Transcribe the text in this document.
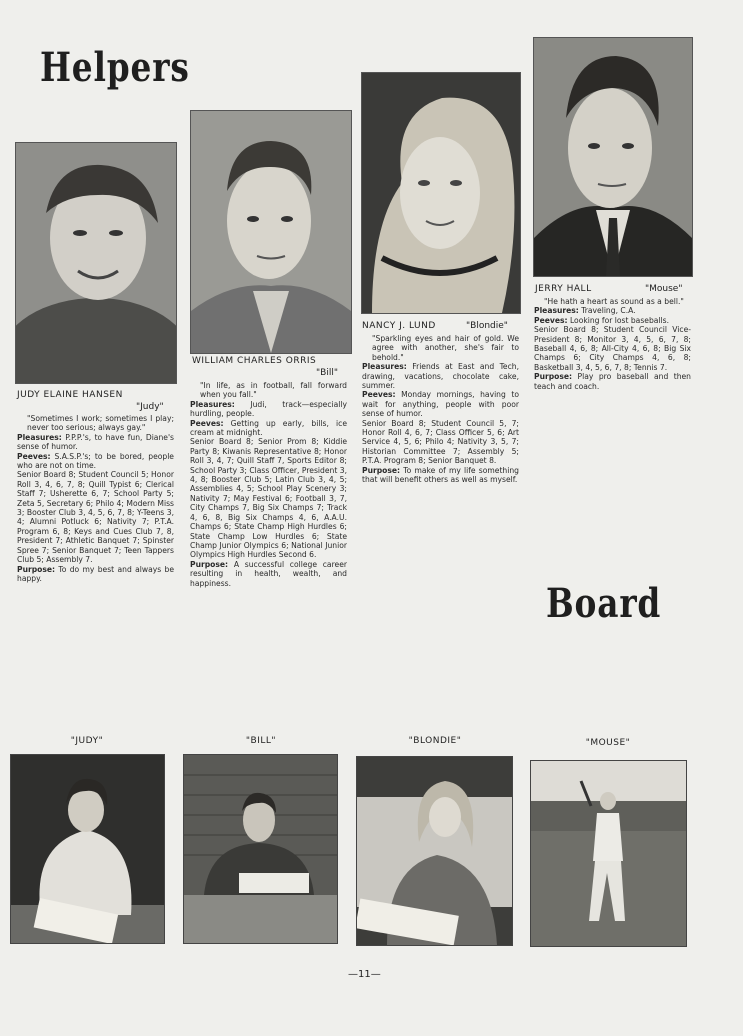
Helpers
Board
JUDY ELAINE HANSEN
"Judy"

"Sometimes I work; sometimes I play; never too serious; always gay."

Pleasures: P.P.P.'s, to have fun, Diane's sense of humor.

Peeves: S.A.S.P.'s; to be bored, people who are not on time.

Senior Board 8; Student Council 5; Honor Roll 3, 4, 6, 7, 8; Quill Typist 6; Clerical Staff 7; Usherette 6, 7; School Party 5; Zeta 5, Secretary 6; Philo 4; Modern Miss 3; Booster Club 3, 4, 5, 6, 7, 8; Y-Teens 3, 4; Alumni Potluck 6; Nativity 7; P.T.A. Program 6, 8; Keys and Cues Club 7, 8, President 7; Athletic Banquet 7; Spinster Spree 7; Senior Banquet 7; Teen Tappers Club 5; Assembly 7.

Purpose: To do my best and always be happy.

WILLIAM CHARLES ORRIS
"Bill"

"In life, as in football, fall forward when you fall."

Pleasures: Judi, track—especially hurdling, people.

Peeves: Getting up early, bills, ice cream at midnight.

Senior Board 8; Senior Prom 8; Kiddie Party 8; Kiwanis Representative 8; Honor Roll 3, 4, 7; Quill Staff 7, Sports Editor 8; School Party 3; Class Officer, President 3, 4, 8; Booster Club 5; Latin Club 3, 4, 5; Assemblies 4, 5; School Play Scenery 3; Nativity 7; May Festival 6; Football 3, 7, City Champs 7, Big Six Champs 7; Track 4, 6, 8, Big Six Champs 4, 6, A.A.U. Champs 6; State Champ High Hurdles 6; State Champ Low Hurdles 6; State Champ Junior Olympics 6; National Junior Olympics High Hurdles Second 6.

Purpose: A successful college career resulting in health, wealth, and happiness.

NANCY J. LUND	"Blondie"

"Sparkling eyes and hair of gold. We agree with another, she's fair to behold."

Pleasures: Friends at East and Tech, drawing, vacations, chocolate cake, summer.

Peeves: Monday mornings, having to wait for anything, people with poor sense of humor.

Senior Board 8; Student Council 5, 7; Honor Roll 4, 6, 7; Class Officer 5, 6; Art Service 4, 5, 6; Philo 4; Nativity 3, 5, 7; Historian Committee 7; Assembly 5; P.T.A. Program 8; Senior Banquet 8.

Purpose: To make of my life something that will benefit others as well as myself.

JERRY HALL	"Mouse"

"He hath a heart as sound as a bell."

Pleasures: Traveling, C.A.

Peeves: Looking for lost baseballs.

Senior Board 8; Student Council Vice-President 8; Monitor 3, 4, 5, 6, 7, 8; Baseball 4, 6, 8; All-City 4, 6, 8; Big Six Champs 6; City Champs 4, 6, 8; Basketball 3, 4, 5, 6, 7, 8; Tennis 7.

Purpose: Play pro baseball and then teach and coach.

"JUDY"	"BILL"	"BLONDIE"	"MOUSE"
—11—
